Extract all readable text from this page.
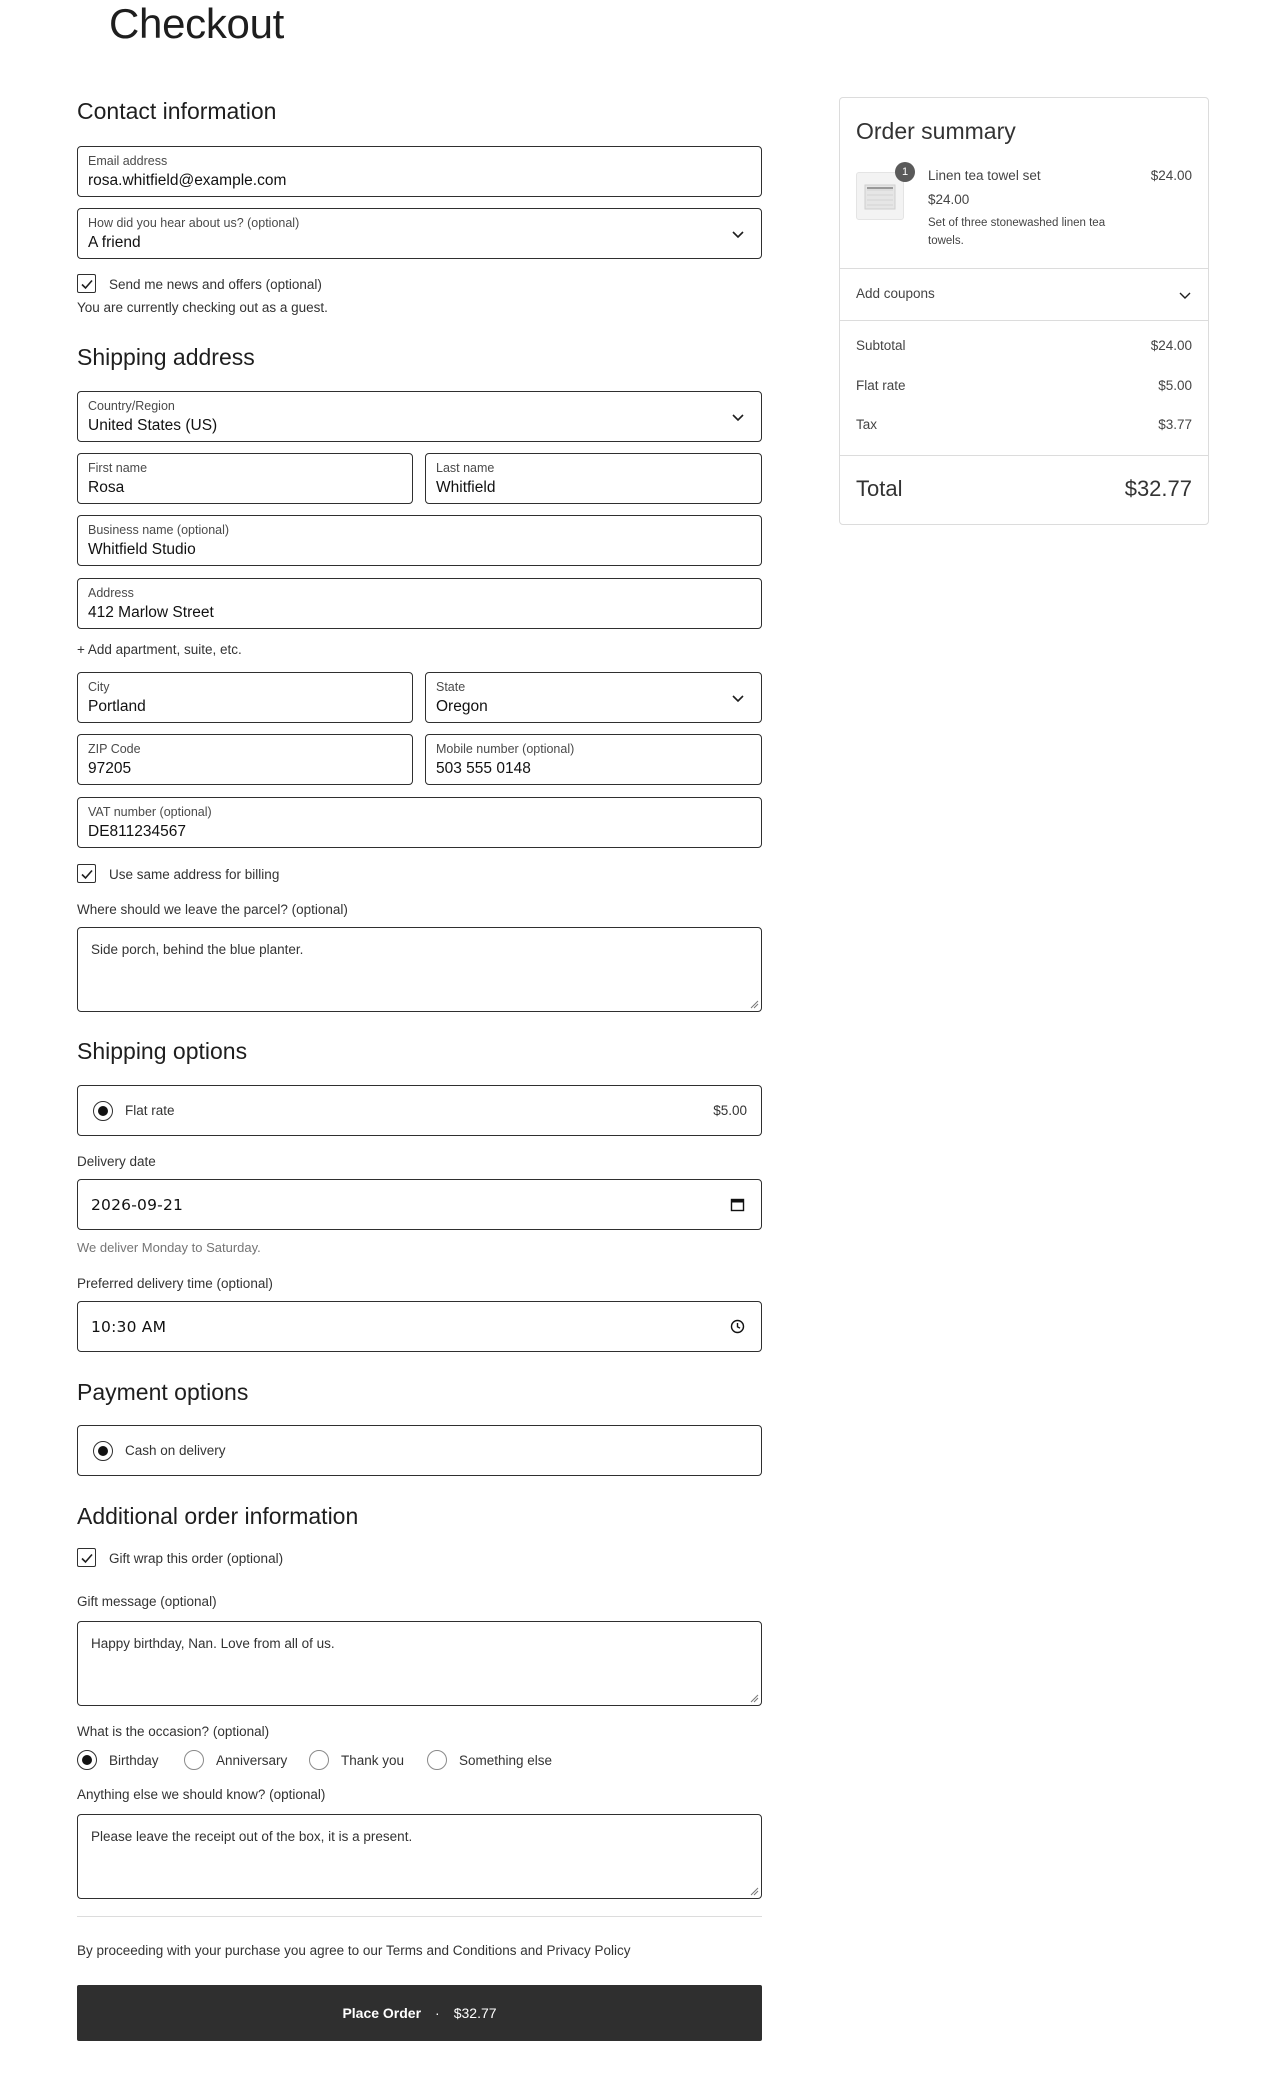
Checkout
Contact information
Email address
rosa.whitfield@example.com
How did you hear about us? (optional)
A friend
Send me news and offers (optional)
You are currently checking out as a guest.
Shipping address
Country/Region
United States (US)
First name
Rosa
Last name
Whitfield
Business name (optional)
Whitfield Studio
Address
412 Marlow Street
+ Add apartment, suite, etc.
City
Portland
State
Oregon
ZIP Code
97205
Mobile number (optional)
503 555 0148
VAT number (optional)
DE811234567
Use same address for billing
Where should we leave the parcel? (optional)
Side porch, behind the blue planter.
Shipping options
Flat rate	$5.00
Delivery date
2026-09-21
We deliver Monday to Saturday.
Preferred delivery time (optional)
10:30 AM
Payment options
Cash on delivery
Additional order information
Gift wrap this order (optional)
Gift message (optional)
Happy birthday, Nan. Love from all of us.
What is the occasion? (optional)
Birthday	Anniversary	Thank you	Something else
Anything else we should know? (optional)
Please leave the receipt out of the box, it is a present.
By proceeding with your purchase you agree to our Terms and Conditions and Privacy Policy
Place Order · $32.77
Order summary
1	Linen tea towel set	$24.00
$24.00
Set of three stonewashed linen tea towels.
Add coupons
Subtotal	$24.00
Flat rate	$5.00
Tax	$3.77
Total	$32.77
